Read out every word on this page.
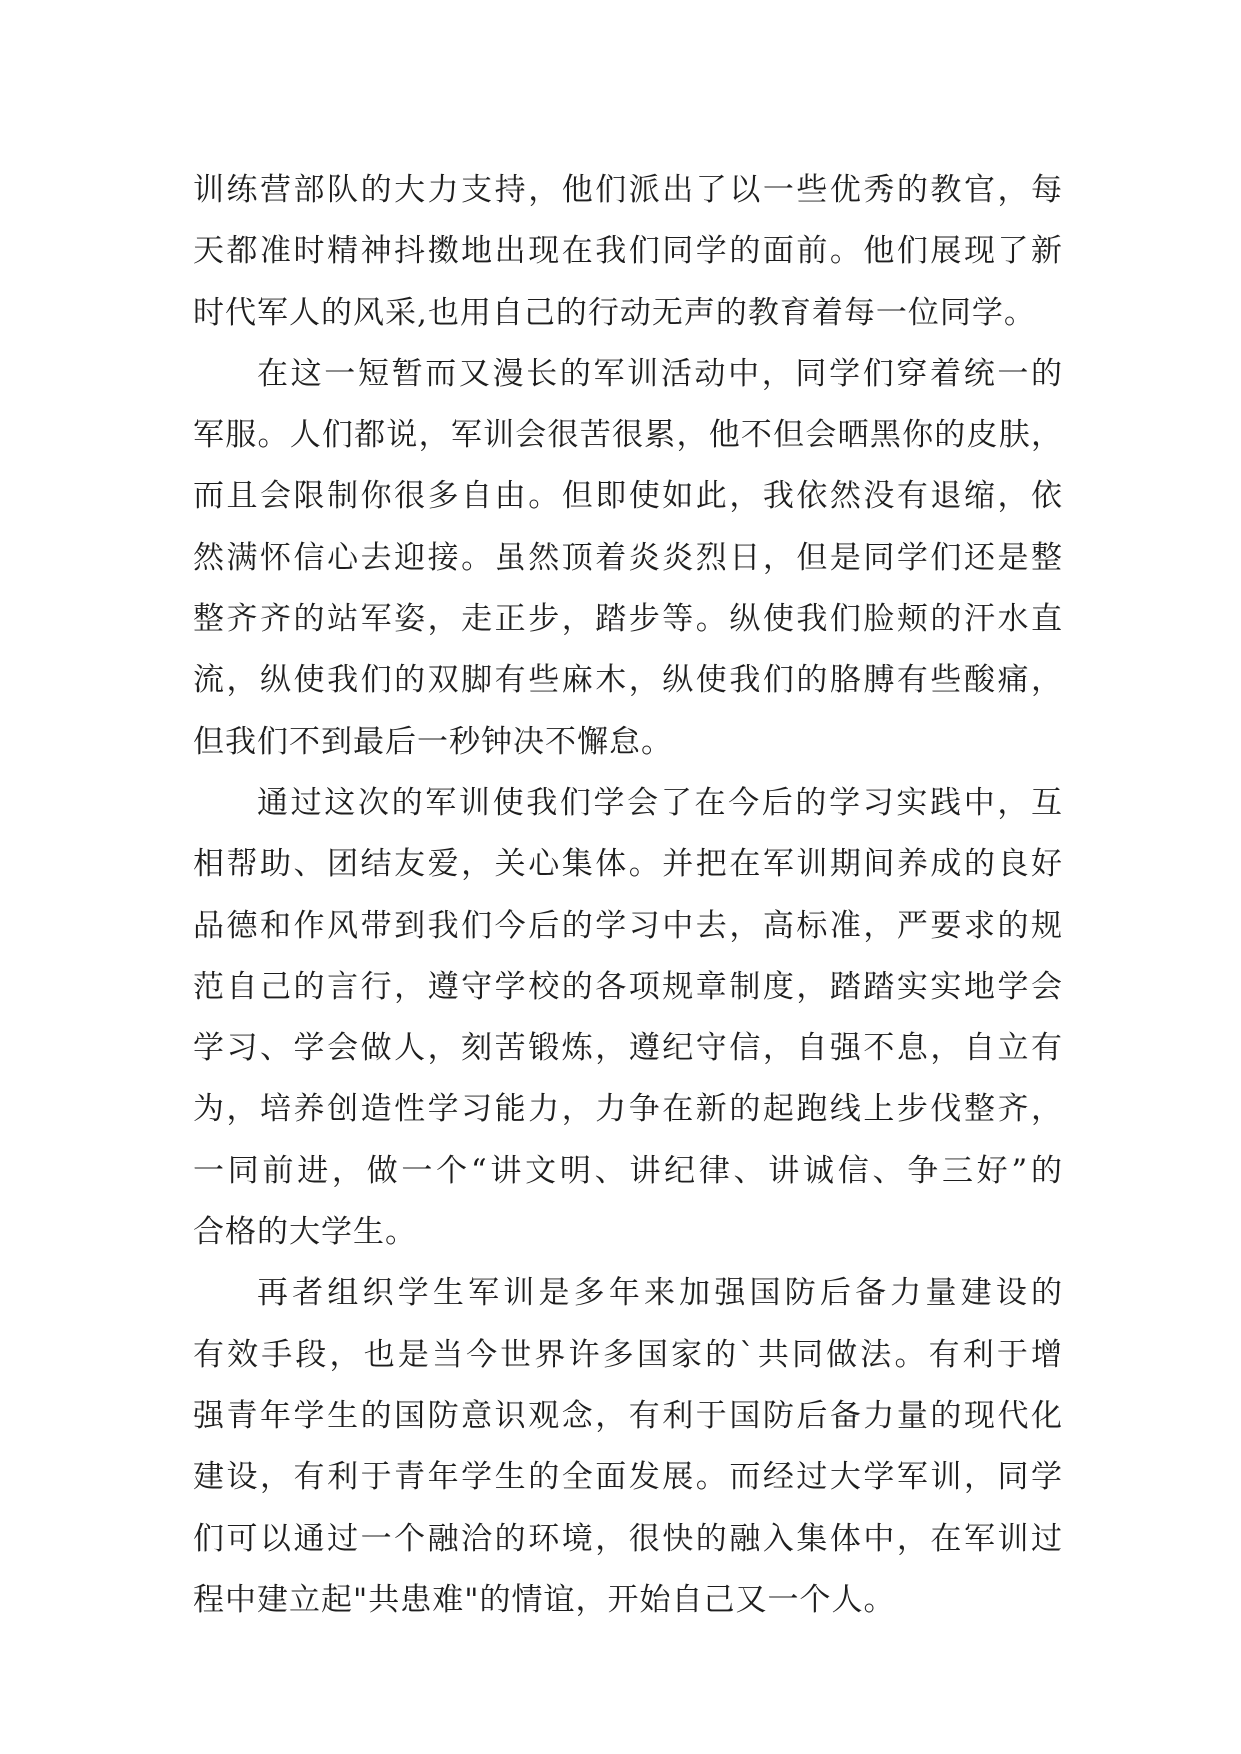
训练营部队的大力支持，他们派出了以一些优秀的教官，每
天都准时精神抖擞地出现在我们同学的面前。他们展现了新
时代军人的风采,也用自己的行动无声的教育着每一位同学。
在这一短暂而又漫长的军训活动中，同学们穿着统一的
军服。人们都说，军训会很苦很累，他不但会晒黑你的皮肤，
而且会限制你很多自由。但即使如此，我依然没有退缩，依
然满怀信心去迎接。虽然顶着炎炎烈日，但是同学们还是整
整齐齐的站军姿，走正步，踏步等。纵使我们脸颊的汗水直
流，纵使我们的双脚有些麻木，纵使我们的胳膊有些酸痛，
但我们不到最后一秒钟决不懈怠。
通过这次的军训使我们学会了在今后的学习实践中，互
相帮助、团结友爱，关心集体。并把在军训期间养成的良好
品德和作风带到我们今后的学习中去，高标准，严要求的规
范自己的言行，遵守学校的各项规章制度，踏踏实实地学会
学习、学会做人，刻苦锻炼，遵纪守信，自强不息，自立有
为，培养创造性学习能力，力争在新的起跑线上步伐整齐，
一同前进，做一个“讲文明、讲纪律、讲诚信、争三好”的
合格的大学生。
再者组织学生军训是多年来加强国防后备力量建设的
有效手段，也是当今世界许多国家的`共同做法。有利于增
强青年学生的国防意识观念，有利于国防后备力量的现代化
建设，有利于青年学生的全面发展。而经过大学军训，同学
们可以通过一个融洽的环境，很快的融入集体中，在军训过
程中建立起"共患难"的情谊，开始自己又一个人。
